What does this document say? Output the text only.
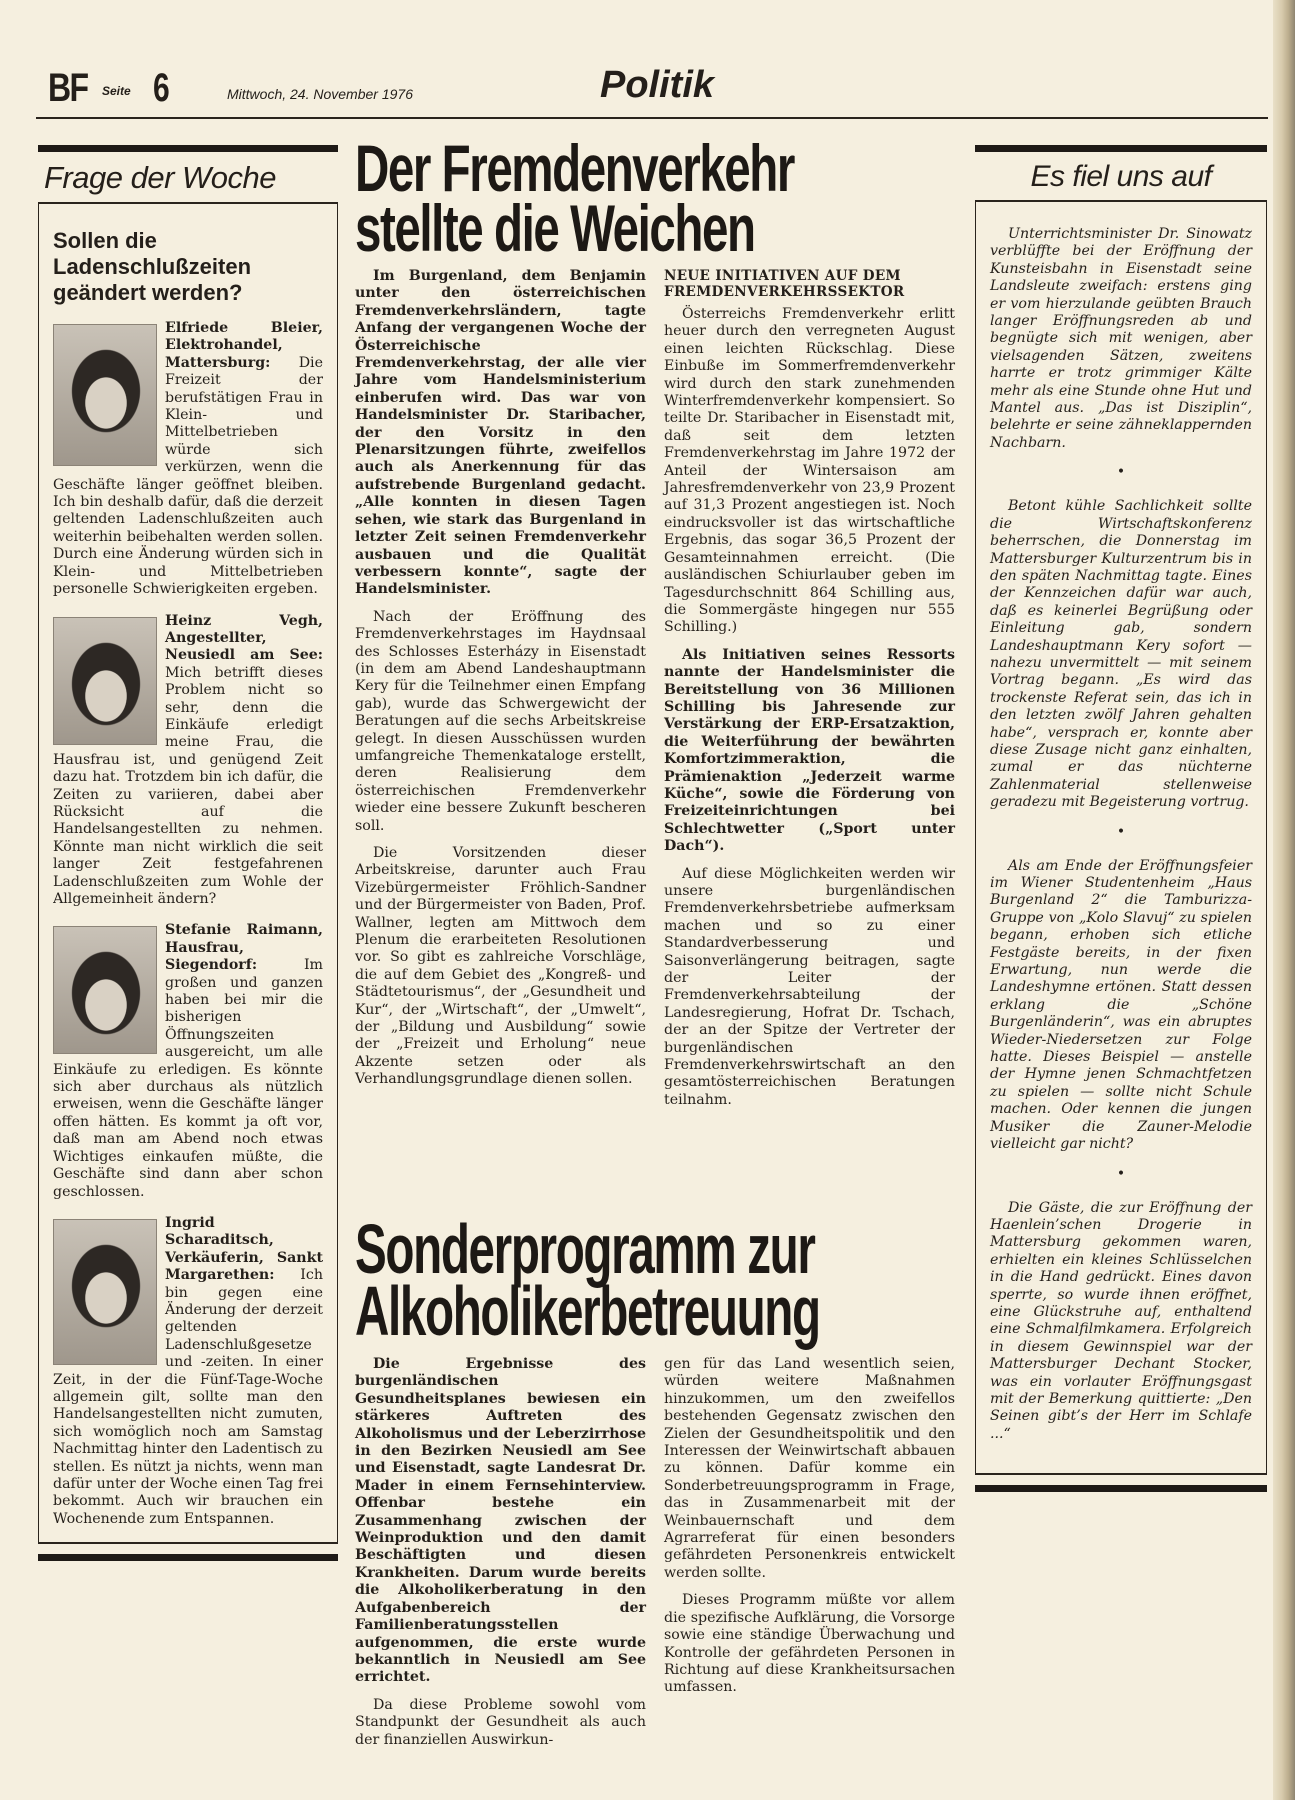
BF Seite 6	Mittwoch, 24. November 1976	Politik
Frage der Woche
Sollen die Ladenschlußzeiten geändert werden?

Elfriede Bleier, Elektrohandel, Mattersburg: Die Freizeit der berufstätigen Frau in Klein- und Mittelbetrieben würde sich verkürzen, wenn die Geschäfte länger geöffnet bleiben. Ich bin deshalb dafür, daß die derzeit geltenden Ladenschlußzeiten auch weiterhin beibehalten werden sollen. Durch eine Änderung würden sich in Klein- und Mittelbetrieben personelle Schwierigkeiten ergeben.

Heinz Vegh, Angestellter, Neusiedl am See: Mich betrifft dieses Problem nicht so sehr, denn die Einkäufe erledigt meine Frau, die Hausfrau ist, und genügend Zeit dazu hat. Trotzdem bin ich dafür, die Zeiten zu variieren, dabei aber Rücksicht auf die Handelsangestellten zu nehmen. Könnte man nicht wirklich die seit langer Zeit festgefahrenen Ladenschlußzeiten zum Wohle der Allgemeinheit ändern?

Stefanie Raimann, Hausfrau, Siegendorf:	Im großen und ganzen haben bei mir die bisherigen Öffnungszeiten ausgereicht, um alle Einkäufe zu erledigen. Es könnte sich aber durchaus als nützlich erweisen, wenn die Geschäfte länger offen hätten. Es kommt ja oft vor, daß man am Abend noch etwas Wichtiges einkaufen müßte, die Geschäfte sind dann aber schon geschlossen.

Ingrid Scharaditsch, Verkäuferin, Sankt Margarethen: Ich bin gegen eine Änderung der derzeit geltenden Ladenschlußgesetze und -zeiten. In einer Zeit, in der die Fünf-Tage-Woche allgemein gilt, sollte man den Handelsangestellten nicht zumuten, sich womöglich noch am Samstag Nachmittag hinter den Ladentisch zu stellen. Es nützt ja nichts, wenn man dafür unter der Woche einen Tag frei bekommt. Auch wir brauchen ein Wochenende zum Entspannen.

Der Fremdenverkehr
stellte die Weichen

Im Burgenland, dem Benjamin unter den österreichischen Fremdenverkehrsländern, tagte Anfang der vergangenen Woche der Österreichische Fremdenverkehrstag, der alle vier Jahre vom Handelsministerium einberufen wird. Das war von Handelsminister Dr. Staribacher, der den Vorsitz in den Plenarsitzungen führte, zweifellos auch als Anerkennung für das aufstrebende Burgenland gedacht. „Alle konnten in diesen Tagen sehen, wie stark das Burgenland in letzter Zeit seinen Fremdenverkehr ausbauen und die Qualität verbessern konnte“, sagte der Handelsminister.

Nach der Eröffnung des Fremdenverkehrstages im Haydnsaal des Schlosses Esterházy in Eisenstadt (in dem am Abend Landeshauptmann Kery für die Teilnehmer einen Empfang gab), wurde das Schwergewicht der Beratungen auf die sechs Arbeitskreise gelegt. In diesen Ausschüssen wurden umfangreiche Themenkataloge erstellt, deren Realisierung dem österreichischen Fremdenverkehr wieder eine bessere Zukunft bescheren soll.

Die Vorsitzenden dieser Arbeitskreise, darunter auch Frau Vizebürgermeister Fröhlich-Sandner und der Bürgermeister von Baden, Prof. Wallner, legten am Mittwoch dem Plenum die erarbeiteten Resolutionen vor. So gibt es zahlreiche Vorschläge, die auf dem Gebiet des „Kongreß- und Städtetourismus“, der „Gesundheit und Kur“, der „Wirtschaft“, der „Umwelt“, der „Bildung und Ausbildung“ sowie der „Freizeit und Erholung“ neue Akzente setzen oder als Verhandlungsgrundlage dienen sollen.

NEUE INITIATIVEN AUF DEM FREMDENVERKEHRSSEKTOR

Österreichs Fremdenverkehr erlitt heuer durch den verregneten August einen leichten Rückschlag. Diese Einbuße im Sommerfremdenverkehr wird durch den stark zunehmenden Winterfremdenverkehr kompensiert. So teilte Dr. Staribacher in Eisenstadt mit, daß seit dem letzten Fremdenverkehrstag im Jahre 1972 der Anteil der Wintersaison am Jahresfremdenverkehr von 23,9 Prozent auf 31,3 Prozent angestiegen ist. Noch eindrucksvoller ist das wirtschaftliche Ergebnis, das sogar 36,5 Prozent der Gesamteinnahmen erreicht. (Die ausländischen Schiurlauber geben im Tagesdurchschnitt 864 Schilling aus, die Sommergäste hingegen nur 555 Schilling.)

Als Initiativen seines Ressorts nannte der Handelsminister die Bereitstellung von 36 Millionen Schilling bis Jahresende zur Verstärkung der ERP-Ersatzaktion, die Weiterführung der bewährten Komfortzimmeraktion, die Prämienaktion „Jederzeit warme Küche“, sowie die Förderung von Freizeiteinrichtungen bei Schlechtwetter („Sport unter Dach“).

Auf diese Möglichkeiten werden wir unsere burgenländischen Fremdenverkehrsbetriebe aufmerksam machen und so zu einer Standardverbesserung und Saisonverlängerung beitragen, sagte der Leiter der Fremdenverkehrsabteilung der Landesregierung, Hofrat Dr. Tschach, der an der Spitze der Vertreter der burgenländischen Fremdenverkehrswirtschaft an den gesamtösterreichischen Beratungen teilnahm.

Sonderprogramm zur
Alkoholikerbetreuung

Die Ergebnisse des burgenländischen Gesundheitsplanes bewiesen ein stärkeres Auftreten des Alkoholismus und der Leberzirrhose in den Bezirken Neusiedl am See und Eisenstadt, sagte Landesrat Dr. Mader in einem Fernsehinterview. Offenbar bestehe ein Zusammenhang zwischen der Weinproduktion und den damit Beschäftigten und diesen Krankheiten. Darum wurde bereits die Alkoholikerberatung in den Aufgabenbereich der Familienberatungsstellen aufgenommen, die erste wurde bekanntlich in Neusiedl am See errichtet.

Da diese Probleme sowohl vom Standpunkt der Gesundheit als auch der finanziellen Auswirkun-

gen für das Land wesentlich seien, würden weitere Maßnahmen hinzukommen, um den zweifellos bestehenden Gegensatz zwischen den Zielen der Gesundheitspolitik und den Interessen der Weinwirtschaft abbauen zu können. Dafür komme ein Sonderbetreuungsprogramm in Frage, das in Zusammenarbeit mit der Weinbauernschaft und dem Agrarreferat für einen besonders gefährdeten Personenkreis entwickelt werden sollte.

Dieses Programm müßte vor allem die spezifische Aufklärung, die Vorsorge sowie eine ständige Überwachung und Kontrolle der gefährdeten Personen in Richtung auf diese Krankheitsursachen umfassen.

Es fiel uns auf

Unterrichtsminister Dr. Sinowatz verblüffte bei der Eröffnung der Kunsteisbahn in Eisenstadt seine Landsleute zweifach: erstens ging er vom hierzulande geübten Brauch langer Eröffnungsreden ab und begnügte sich mit wenigen, aber vielsagenden Sätzen, zweitens harrte er trotz grimmiger Kälte mehr als eine Stunde ohne Hut und Mantel aus. „Das ist Disziplin“, belehrte er seine zähneklappernden Nachbarn.

•

Betont kühle Sachlichkeit sollte die Wirtschaftskonferenz beherrschen, die Donnerstag im Mattersburger Kulturzentrum bis in den späten Nachmittag tagte. Eines der Kennzeichen dafür war auch, daß es keinerlei Begrüßung oder Einleitung gab, sondern Landeshauptmann Kery sofort — nahezu unvermittelt — mit seinem Vortrag begann. „Es wird das trockenste Referat sein, das ich in den letzten zwölf Jahren gehalten habe“, versprach er, konnte aber diese Zusage nicht ganz einhalten, zumal er das nüchterne Zahlenmaterial stellenweise geradezu mit Begeisterung vortrug.

•

Als am Ende der Eröffnungsfeier im Wiener Studentenheim „Haus Burgenland 2“ die Tamburizza-Gruppe von „Kolo Slavuj“ zu spielen begann, erhoben sich etliche Festgäste bereits, in der fixen Erwartung, nun werde die Landeshymne ertönen. Statt dessen erklang die „Schöne Burgenländerin“, was ein abruptes Wieder-Niedersetzen zur Folge hatte. Dieses Beispiel — anstelle der Hymne jenen Schmachtfetzen zu spielen — sollte nicht Schule machen. Oder kennen die jungen Musiker die Zauner-Melodie vielleicht gar nicht?

•

Die Gäste, die zur Eröffnung der Haenlein’schen Drogerie in Mattersburg gekommen waren, erhielten ein kleines Schlüsselchen in die Hand gedrückt. Eines davon sperrte, so wurde ihnen eröffnet, eine Glückstruhe auf, enthaltend eine Schmalfilmkamera. Erfolgreich in diesem Gewinnspiel war der Mattersburger Dechant Stocker, was ein vorlauter Eröffnungsgast mit der Bemerkung quittierte: „Den Seinen gibt’s der Herr im Schlafe ...“
